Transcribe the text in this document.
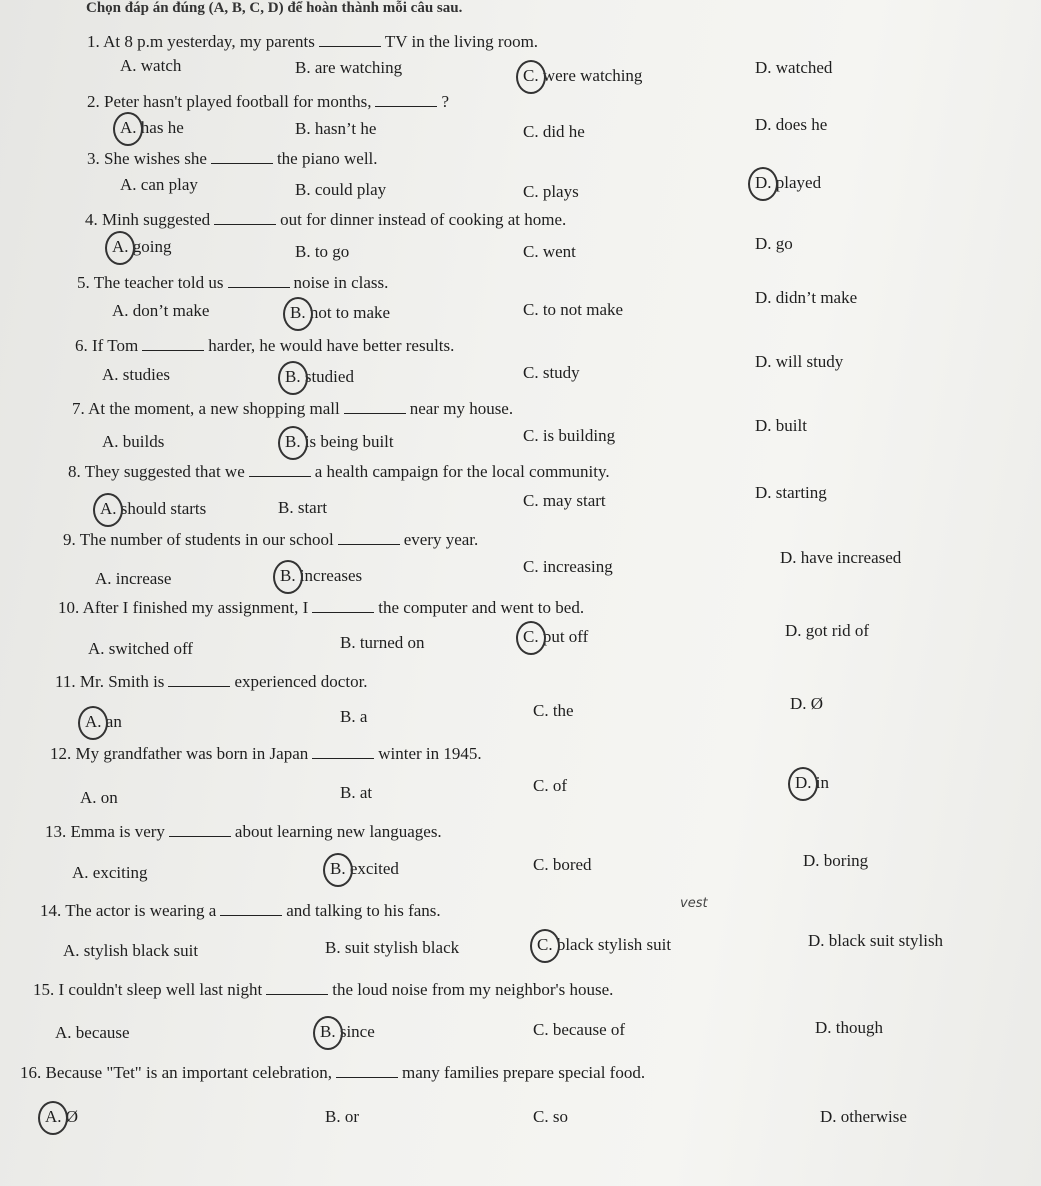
Chọn đáp án đúng (A, B, C, D) để hoàn thành mỗi câu sau.
1. At 8 p.m yesterday, my parents	TV in the living room.
A. watch	B. are watching	C. were watching	D. watched
2. Peter hasn't played football for months,	?
A. has he	B. hasn’t he	C. did he	D. does he
3. She wishes she	the piano well.
A. can play	B. could play	C. plays	D. played
4. Minh suggested	out for dinner instead of cooking at home.
A. going	B. to go	C. went	D. go
5. The teacher told us	noise in class.
A. don’t make	B. not to make	C. to not make
D. didn’t make
6. If Tom	harder, he would have better results.
A. studies	B. studied	C. study
D. will study
7. At the moment, a new shopping mall	near my house.
A. builds	B. is being built	C. is building
D. built
8. They suggested that we	a health campaign for the local community.
A. should starts	B. start	C. may start	D. starting
9. The number of students in our school	every year.
A. increase	B. increases	C. increasing	D. have increased
10. After I finished my assignment, I	the computer and went to bed.
A. switched off	B. turned on	C. put off	D. got rid of
11. Mr. Smith is	experienced doctor.
A. an	B. a	C. the	D. Ø
12. My grandfather was born in Japan	winter in 1945.
A. on	B. at	C. of	D. in
13. Emma is very	about learning new languages.
A. exciting	B. excited	C. bored	D. boring
14. The actor is wearing a	and talking to his fans.
A. stylish black suit	B. suit stylish black	C. black stylish suit	D. black suit stylish
15. I couldn't sleep well last night	the loud noise from my neighbor's house.
A. because	B. since	C. because of	D. though
16. Because "Tet" is an important celebration,	many families prepare special food.
A. Ø	B. or	C. so	D. otherwise
vest
